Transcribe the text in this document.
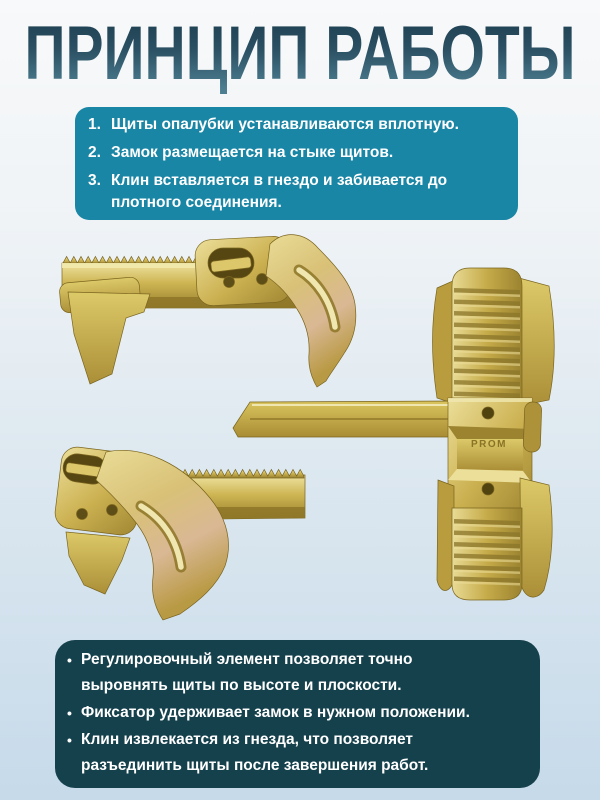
ПРИНЦИП РАБОТЫ
1. Щиты опалубки устанавливаются вплотную.
2. Замок размещается на стыке щитов.
3. Клин вставляется в гнездо и забивается до
плотного соединения.
PROM
• Регулировочный элемент позволяет точно
выровнять щиты по высоте и плоскости.
• Фиксатор удерживает замок в нужном положении.
• Клин извлекается из гнезда, что позволяет
разъединить щиты после завершения работ.
